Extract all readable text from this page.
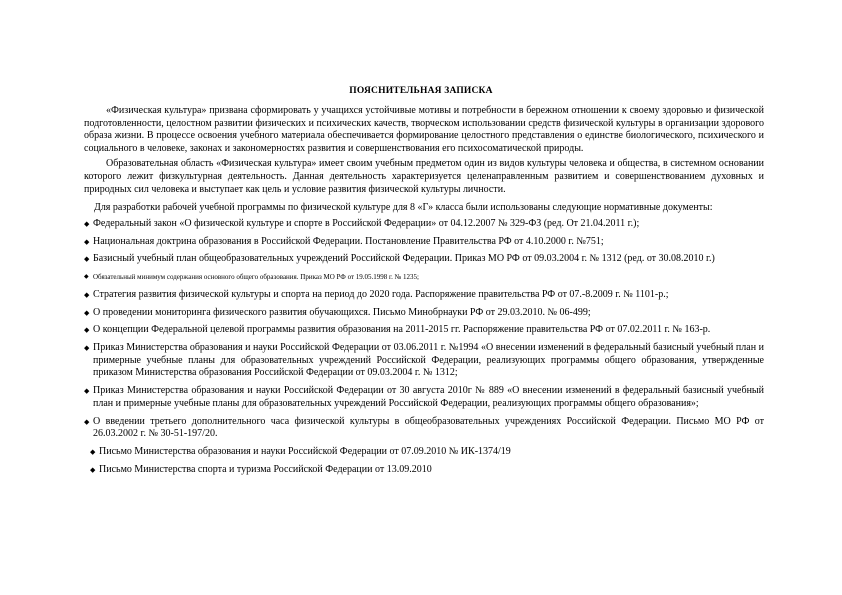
ПОЯСНИТЕЛЬНАЯ ЗАПИСКА

«Физическая культура» призвана сформировать у учащихся устойчивые мотивы и потребности в бережном отношении к своему здоровью и физической подготовленности, целостном развитии физических и психических качеств, творческом использовании средств физической культуры в организации здорового образа жизни. В процессе освоения учебного материала обеспечивается формирование целостного представления о единстве биологического, психического и социального в человеке, законах и закономерностях развития и совершенствования его психосоматической природы.

Образовательная область «Физическая культура» имеет своим учебным предметом один из видов культуры человека и общества, в системном основании которого лежит физкультурная деятельность. Данная деятельность характеризуется целенаправленным развитием и совершенствованием духовных и природных сил человека и выступает как цель и условие развития физической культуры личности.

Для разработки рабочей учебной программы по физической культуре для 8 «Г» класса были использованы следующие нормативные документы:

◆ Федеральный закон «О физической культуре и спорте в Российской Федерации» от 04.12.2007 № 329-ФЗ (ред. От 21.04.2011 г.);
◆ Национальная доктрина образования в Российской Федерации. Постановление Правительства РФ от 4.10.2000 г. №751;
◆ Базисный учебный план общеобразовательных учреждений Российской Федерации. Приказ МО РФ от 09.03.2004 г. № 1312 (ред. от 30.08.2010 г.)
◆ Обязательный минимум содержания основного общего образования. Приказ МО РФ от 19.05.1998 г. № 1235;
◆ Стратегия развития физической культуры и спорта на период до 2020 года. Распоряжение правительства РФ от 07.-8.2009 г. № 1101-р.;
◆ О проведении мониторинга физического развития обучающихся. Письмо Минобрнауки РФ от 29.03.2010. № 06-499;
◆ О концепции Федеральной целевой программы развития образования на 2011-2015 гг. Распоряжение правительства РФ от 07.02.2011 г. № 163-р.
◆ Приказ Министерства образования и науки Российской Федерации от 03.06.2011 г. №1994 «О внесении изменений в федеральный базисный учебный план и примерные учебные планы для образовательных учреждений Российской Федерации, реализующих программы общего образования, утвержденные приказом Министерства образования Российской Федерации от 09.03.2004 г. № 1312;
◆ Приказ Министерства образования и науки Российской Федерации от 30 августа 2010г № 889 «О внесении изменений в федеральный базисный учебный план и примерные учебные планы для образовательных учреждений Российской Федерации, реализующих программы общего образования»;
◆ О введении третьего дополнительного часа физической культуры в общеобразовательных учреждениях Российской Федерации. Письмо МО РФ от 26.03.2002 г. № 30-51-197/20.
◆ Письмо Министерства образования и науки Российской Федерации от 07.09.2010 № ИК-1374/19
◆ Письмо Министерства спорта и туризма Российской Федерации от 13.09.2010
